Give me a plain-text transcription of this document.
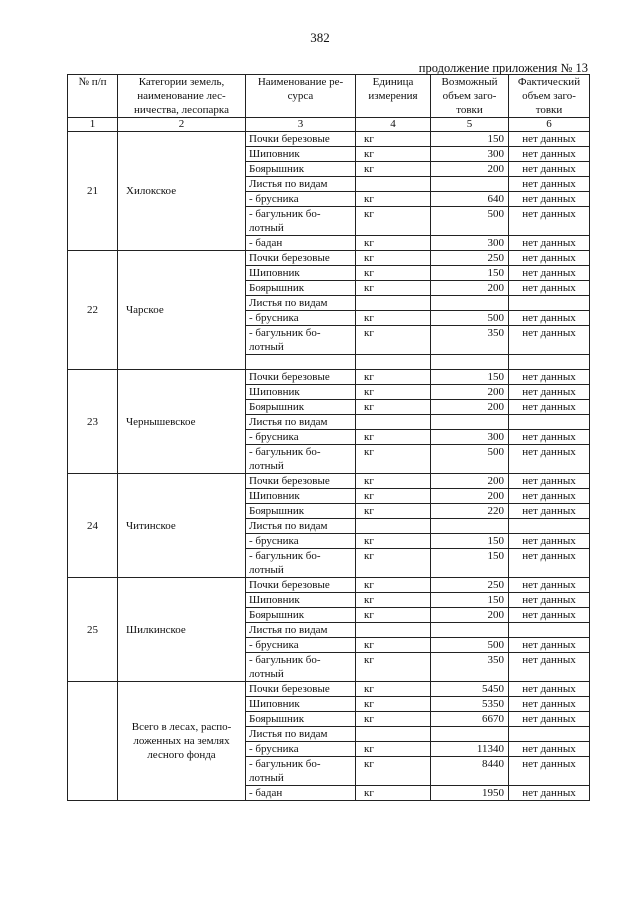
382
продолжение приложения № 13
№ п/п	Категории земель, наименование лес-ничества, лесопарка	Наименование ре-сурса	Единица измерения	Возможный объем заго-товки	Фактический объем заго-товки
1	2	3	4	5	6
21	Хилокское	Почки березовые	кг	150	нет данных
		Шиповник	кг	300	нет данных
		Боярышник	кг	200	нет данных
		Листья по видам			нет данных
		- брусника	кг	640	нет данных
		- багульник бо-лотный	кг	500	нет данных
		- бадан	кг	300	нет данных
22	Чарское	Почки березовые	кг	250	нет данных
		Шиповник	кг	150	нет данных
		Боярышник	кг	200	нет данных
		Листья по видам			
		- брусника	кг	500	нет данных
		- багульник бо-лотный	кг	350	нет данных

23	Чернышевское	Почки березовые	кг	150	нет данных
		Шиповник	кг	200	нет данных
		Боярышник	кг	200	нет данных
		Листья по видам			
		- брусника	кг	300	нет данных
		- багульник бо-лотный	кг	500	нет данных
24	Читинское	Почки березовые	кг	200	нет данных
		Шиповник	кг	200	нет данных
		Боярышник	кг	220	нет данных
		Листья по видам			
		- брусника	кг	150	нет данных
		- багульник бо-лотный	кг	150	нет данных
25	Шилкинское	Почки березовые	кг	250	нет данных
		Шиповник	кг	150	нет данных
		Боярышник	кг	200	нет данных
		Листья по видам			
		- брусника	кг	500	нет данных
		- багульник бо-лотный	кг	350	нет данных
	Всего в лесах, распо-ложенных на землях лесного фонда	Почки березовые	кг	5450	нет данных
		Шиповник	кг	5350	нет данных
		Боярышник	кг	6670	нет данных
		Листья по видам			
		- брусника	кг	11340	нет данных
		- багульник бо-лотный	кг	8440	нет данных
		- бадан	кг	1950	нет данных
